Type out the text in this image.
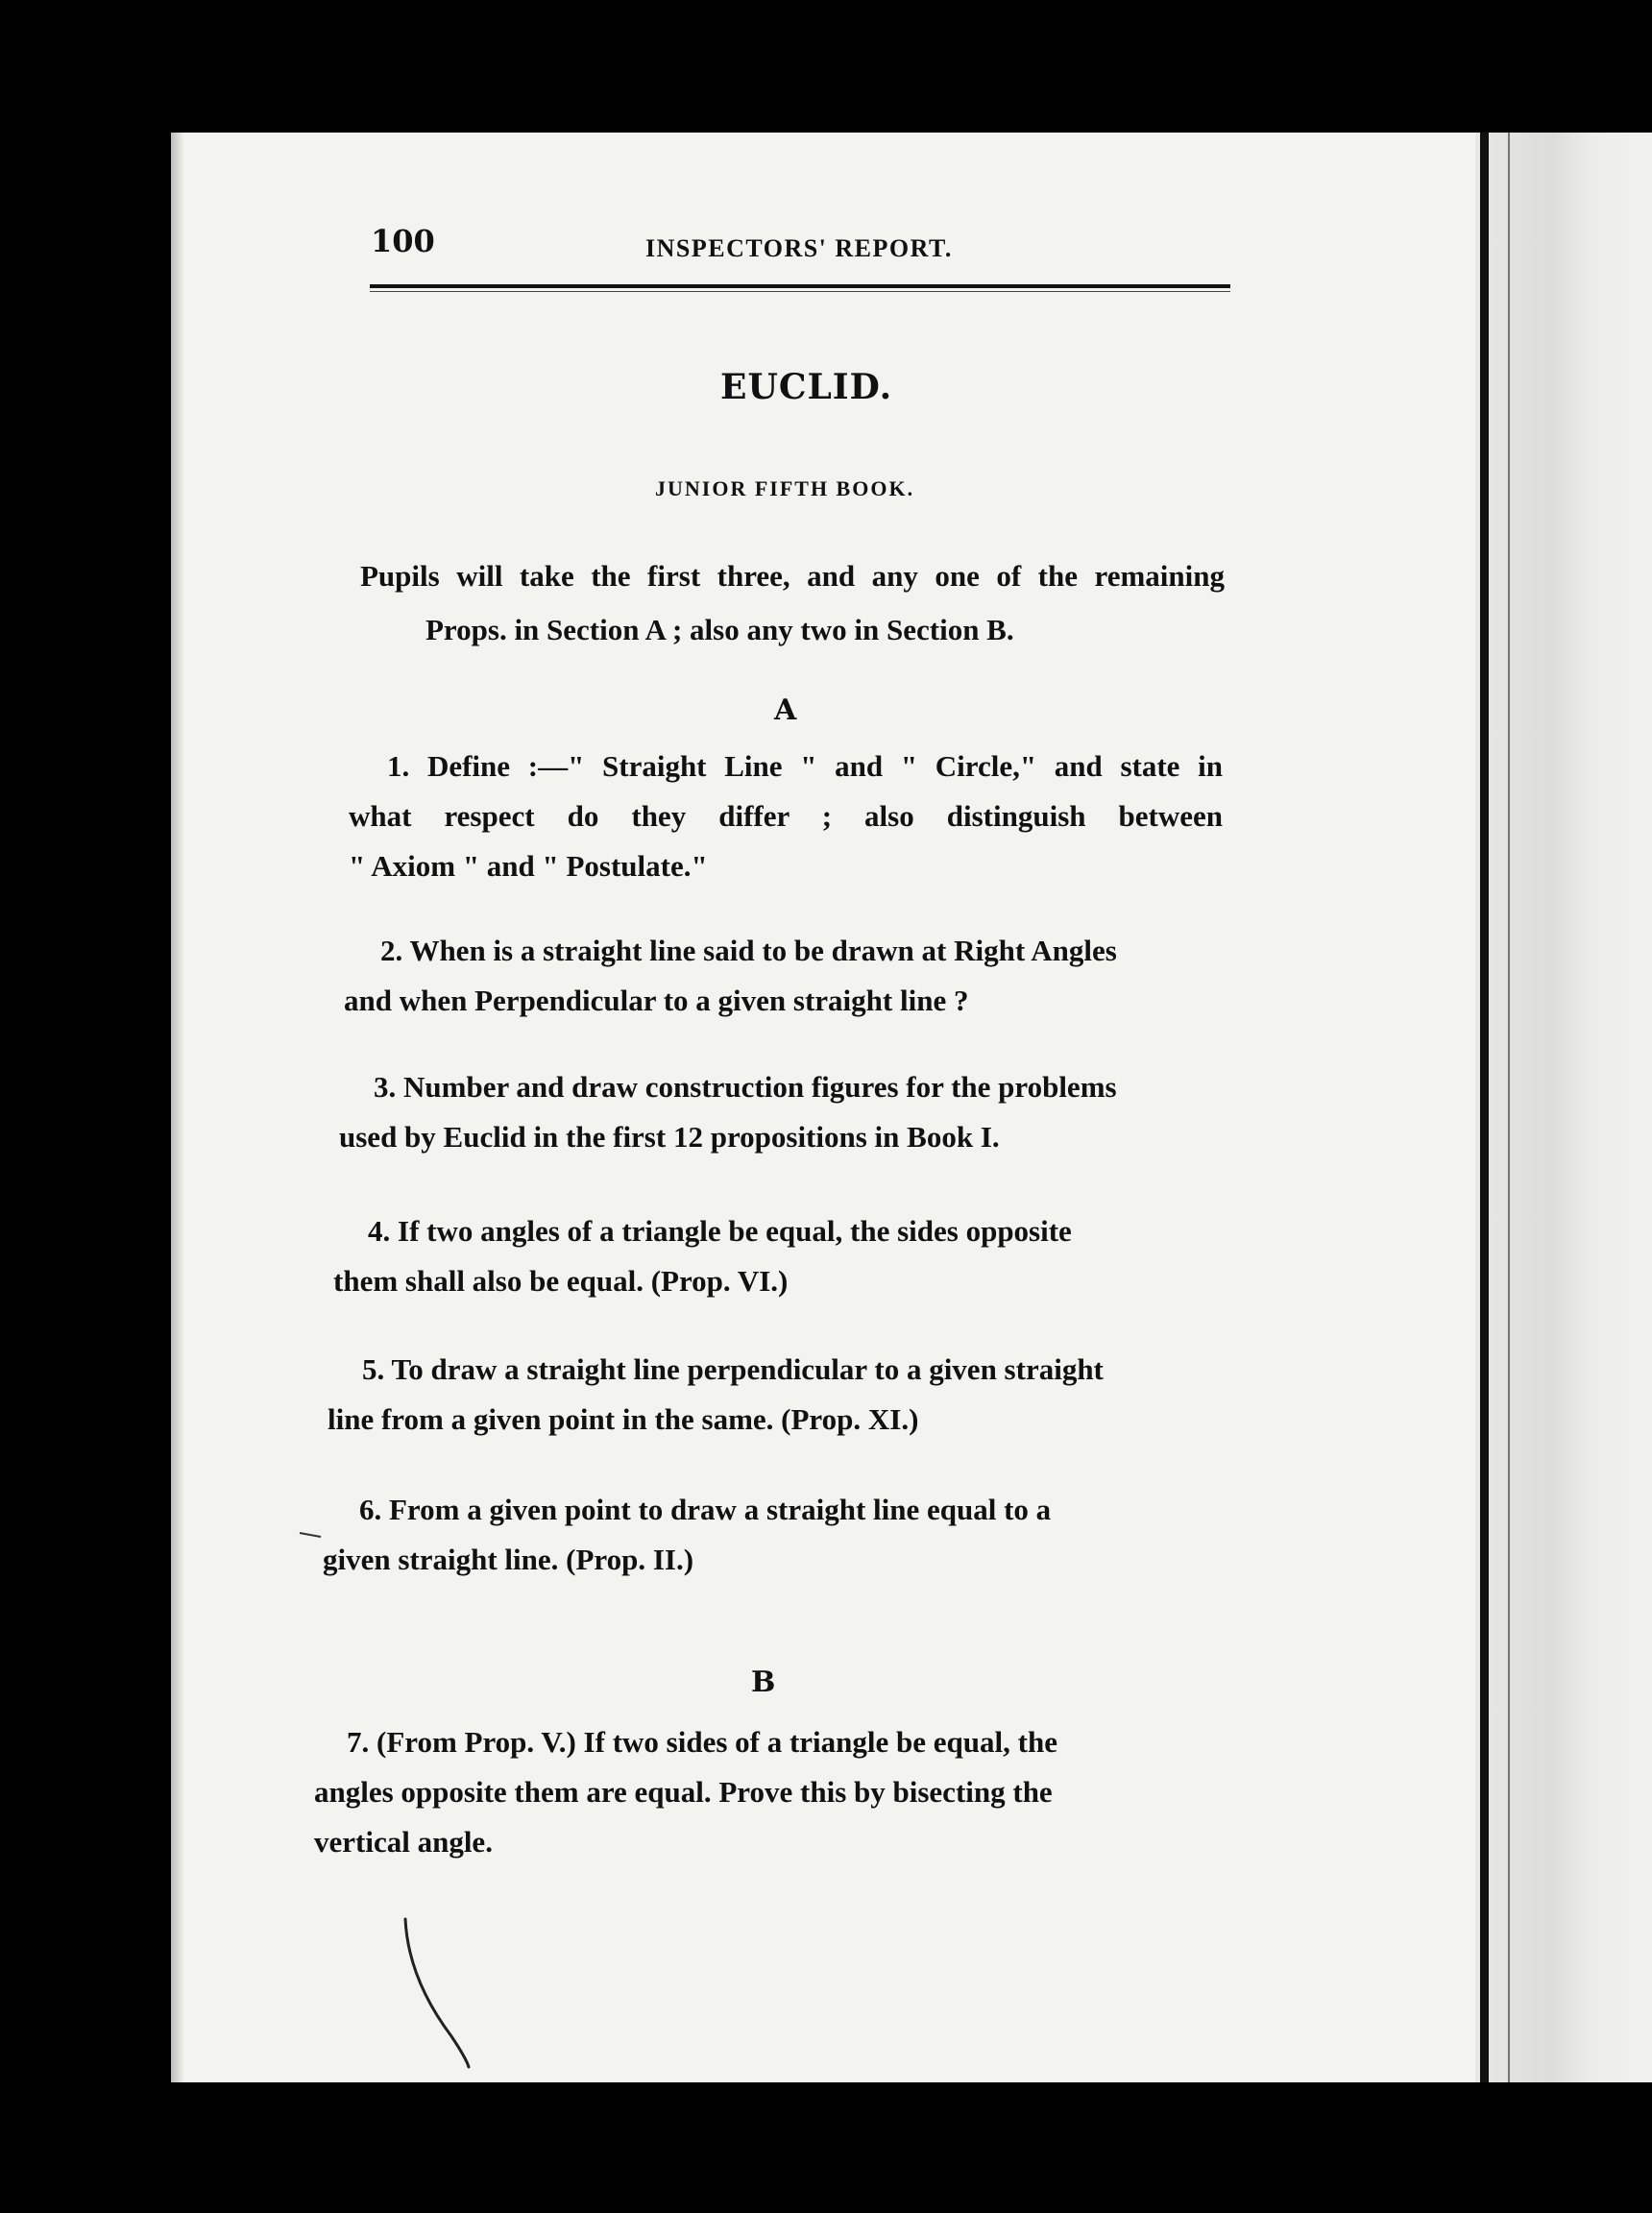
100	INSPECTORS' REPORT.
EUCLID.
JUNIOR FIFTH BOOK.
Pupils will take the first three, and any one of the remaining
Props. in Section A ; also any two in Section B.
A
1. Define :—" Straight Line " and " Circle," and state in
what respect do they differ ; also distinguish between
" Axiom " and " Postulate."
2. When is a straight line said to be drawn at Right Angles
and when Perpendicular to a given straight line ?
3. Number and draw construction figures for the problems
used by Euclid in the first 12 propositions in Book I.
4. If two angles of a triangle be equal, the sides opposite
them shall also be equal. (Prop. VI.)
5. To draw a straight line perpendicular to a given straight
line from a given point in the same. (Prop. XI.)
6. From a given point to draw a straight line equal to a
given straight line. (Prop. II.)
B
7. (From Prop. V.) If two sides of a triangle be equal, the
angles opposite them are equal. Prove this by bisecting the
vertical angle.
